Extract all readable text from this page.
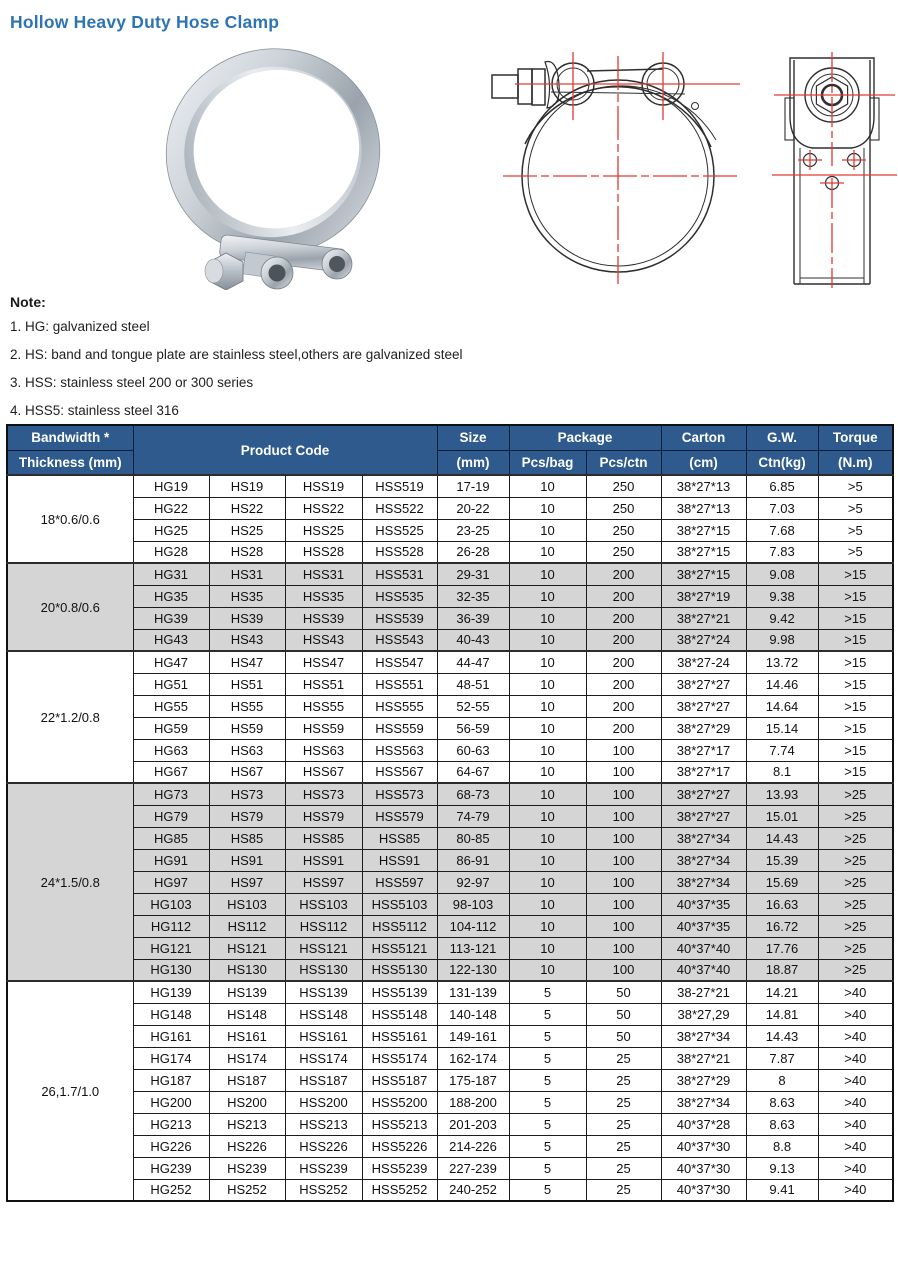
Hollow Heavy Duty Hose Clamp
Note:
1. HG: galvanized steel
2. HS: band and tongue plate are stainless steel,others are galvanized steel
3. HSS: stainless steel 200 or 300 series
4. HSS5: stainless steel 316
Bandwidth *	Product Code				Size	Package		Carton	G.W.	Torque
Thickness (mm)					(mm)	Pcs/bag	Pcs/ctn	(cm)	Ctn(kg)	(N.m)
18*0.6/0.6	HG19	HS19	HSS19	HSS519	17-19	10	250	38*27*13	6.85	>5
	HG22	HS22	HSS22	HSS522	20-22	10	250	38*27*13	7.03	>5
	HG25	HS25	HSS25	HSS525	23-25	10	250	38*27*15	7.68	>5
	HG28	HS28	HSS28	HSS528	26-28	10	250	38*27*15	7.83	>5
20*0.8/0.6	HG31	HS31	HSS31	HSS531	29-31	10	200	38*27*15	9.08	>15
	HG35	HS35	HSS35	HSS535	32-35	10	200	38*27*19	9.38	>15
	HG39	HS39	HSS39	HSS539	36-39	10	200	38*27*21	9.42	>15
	HG43	HS43	HSS43	HSS543	40-43	10	200	38*27*24	9.98	>15
22*1.2/0.8	HG47	HS47	HSS47	HSS547	44-47	10	200	38*27-24	13.72	>15
	HG51	HS51	HSS51	HSS551	48-51	10	200	38*27*27	14.46	>15
	HG55	HS55	HSS55	HSS555	52-55	10	200	38*27*27	14.64	>15
	HG59	HS59	HSS59	HSS559	56-59	10	200	38*27*29	15.14	>15
	HG63	HS63	HSS63	HSS563	60-63	10	100	38*27*17	7.74	>15
	HG67	HS67	HSS67	HSS567	64-67	10	100	38*27*17	8.1	>15
24*1.5/0.8	HG73	HS73	HSS73	HSS573	68-73	10	100	38*27*27	13.93	>25
	HG79	HS79	HSS79	HSS579	74-79	10	100	38*27*27	15.01	>25
	HG85	HS85	HSS85	HSS85	80-85	10	100	38*27*34	14.43	>25
	HG91	HS91	HSS91	HSS91	86-91	10	100	38*27*34	15.39	>25
	HG97	HS97	HSS97	HSS597	92-97	10	100	38*27*34	15.69	>25
	HG103	HS103	HSS103	HSS5103	98-103	10	100	40*37*35	16.63	>25
	HG112	HS112	HSS112	HSS5112	104-112	10	100	40*37*35	16.72	>25
	HG121	HS121	HSS121	HSS5121	113-121	10	100	40*37*40	17.76	>25
	HG130	HS130	HSS130	HSS5130	122-130	10	100	40*37*40	18.87	>25
26,1.7/1.0	HG139	HS139	HSS139	HSS5139	131-139	5	50	38-27*21	14.21	>40
	HG148	HS148	HSS148	HSS5148	140-148	5	50	38*27,29	14.81	>40
	HG161	HS161	HSS161	HSS5161	149-161	5	50	38*27*34	14.43	>40
	HG174	HS174	HSS174	HSS5174	162-174	5	25	38*27*21	7.87	>40
	HG187	HS187	HSS187	HSS5187	175-187	5	25	38*27*29	8	>40
	HG200	HS200	HSS200	HSS5200	188-200	5	25	38*27*34	8.63	>40
	HG213	HS213	HSS213	HSS5213	201-203	5	25	40*37*28	8.63	>40
	HG226	HS226	HSS226	HSS5226	214-226	5	25	40*37*30	8.8	>40
	HG239	HS239	HSS239	HSS5239	227-239	5	25	40*37*30	9.13	>40
	HG252	HS252	HSS252	HSS5252	240-252	5	25	40*37*30	9.41	>40
